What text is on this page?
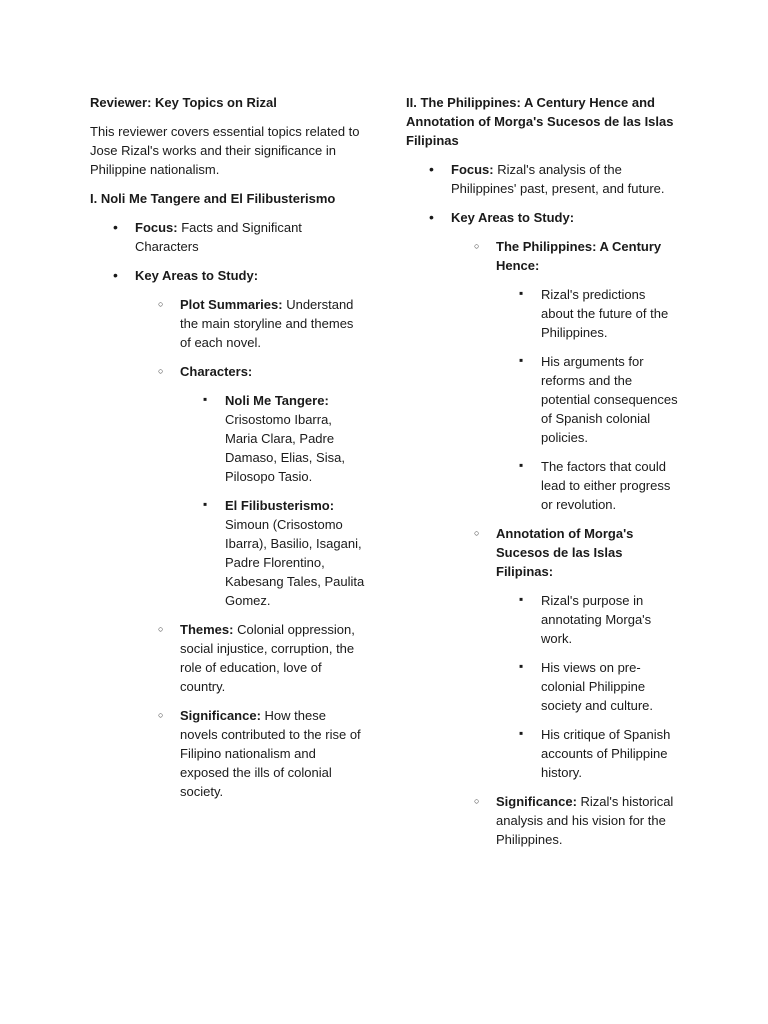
Reviewer: Key Topics on Rizal

This reviewer covers essential topics related to Jose Rizal's works and their significance in Philippine nationalism.

I. Noli Me Tangere and El Filibusterismo

• Focus: Facts and Significant Characters
• Key Areas to Study:
○ Plot Summaries: Understand the main storyline and themes of each novel.
○ Characters:
▪ Noli Me Tangere: Crisostomo Ibarra, Maria Clara, Padre Damaso, Elias, Sisa, Pilosopo Tasio.
▪ El Filibusterismo: Simoun (Crisostomo Ibarra), Basilio, Isagani, Padre Florentino, Kabesang Tales, Paulita Gomez.
○ Themes: Colonial oppression, social injustice, corruption, the role of education, love of country.
○ Significance: How these novels contributed to the rise of Filipino nationalism and exposed the ills of colonial society.

II. The Philippines: A Century Hence and Annotation of Morga's Sucesos de las Islas Filipinas

• Focus: Rizal's analysis of the Philippines' past, present, and future.
• Key Areas to Study:
○ The Philippines: A Century Hence:
▪ Rizal's predictions about the future of the Philippines.
▪ His arguments for reforms and the potential consequences of Spanish colonial policies.
▪ The factors that could lead to either progress or revolution.
○ Annotation of Morga's Sucesos de las Islas Filipinas:
▪ Rizal's purpose in annotating Morga's work.
▪ His views on pre-colonial Philippine society and culture.
▪ His critique of Spanish accounts of Philippine history.
○ Significance: Rizal's historical analysis and his vision for the Philippines.
